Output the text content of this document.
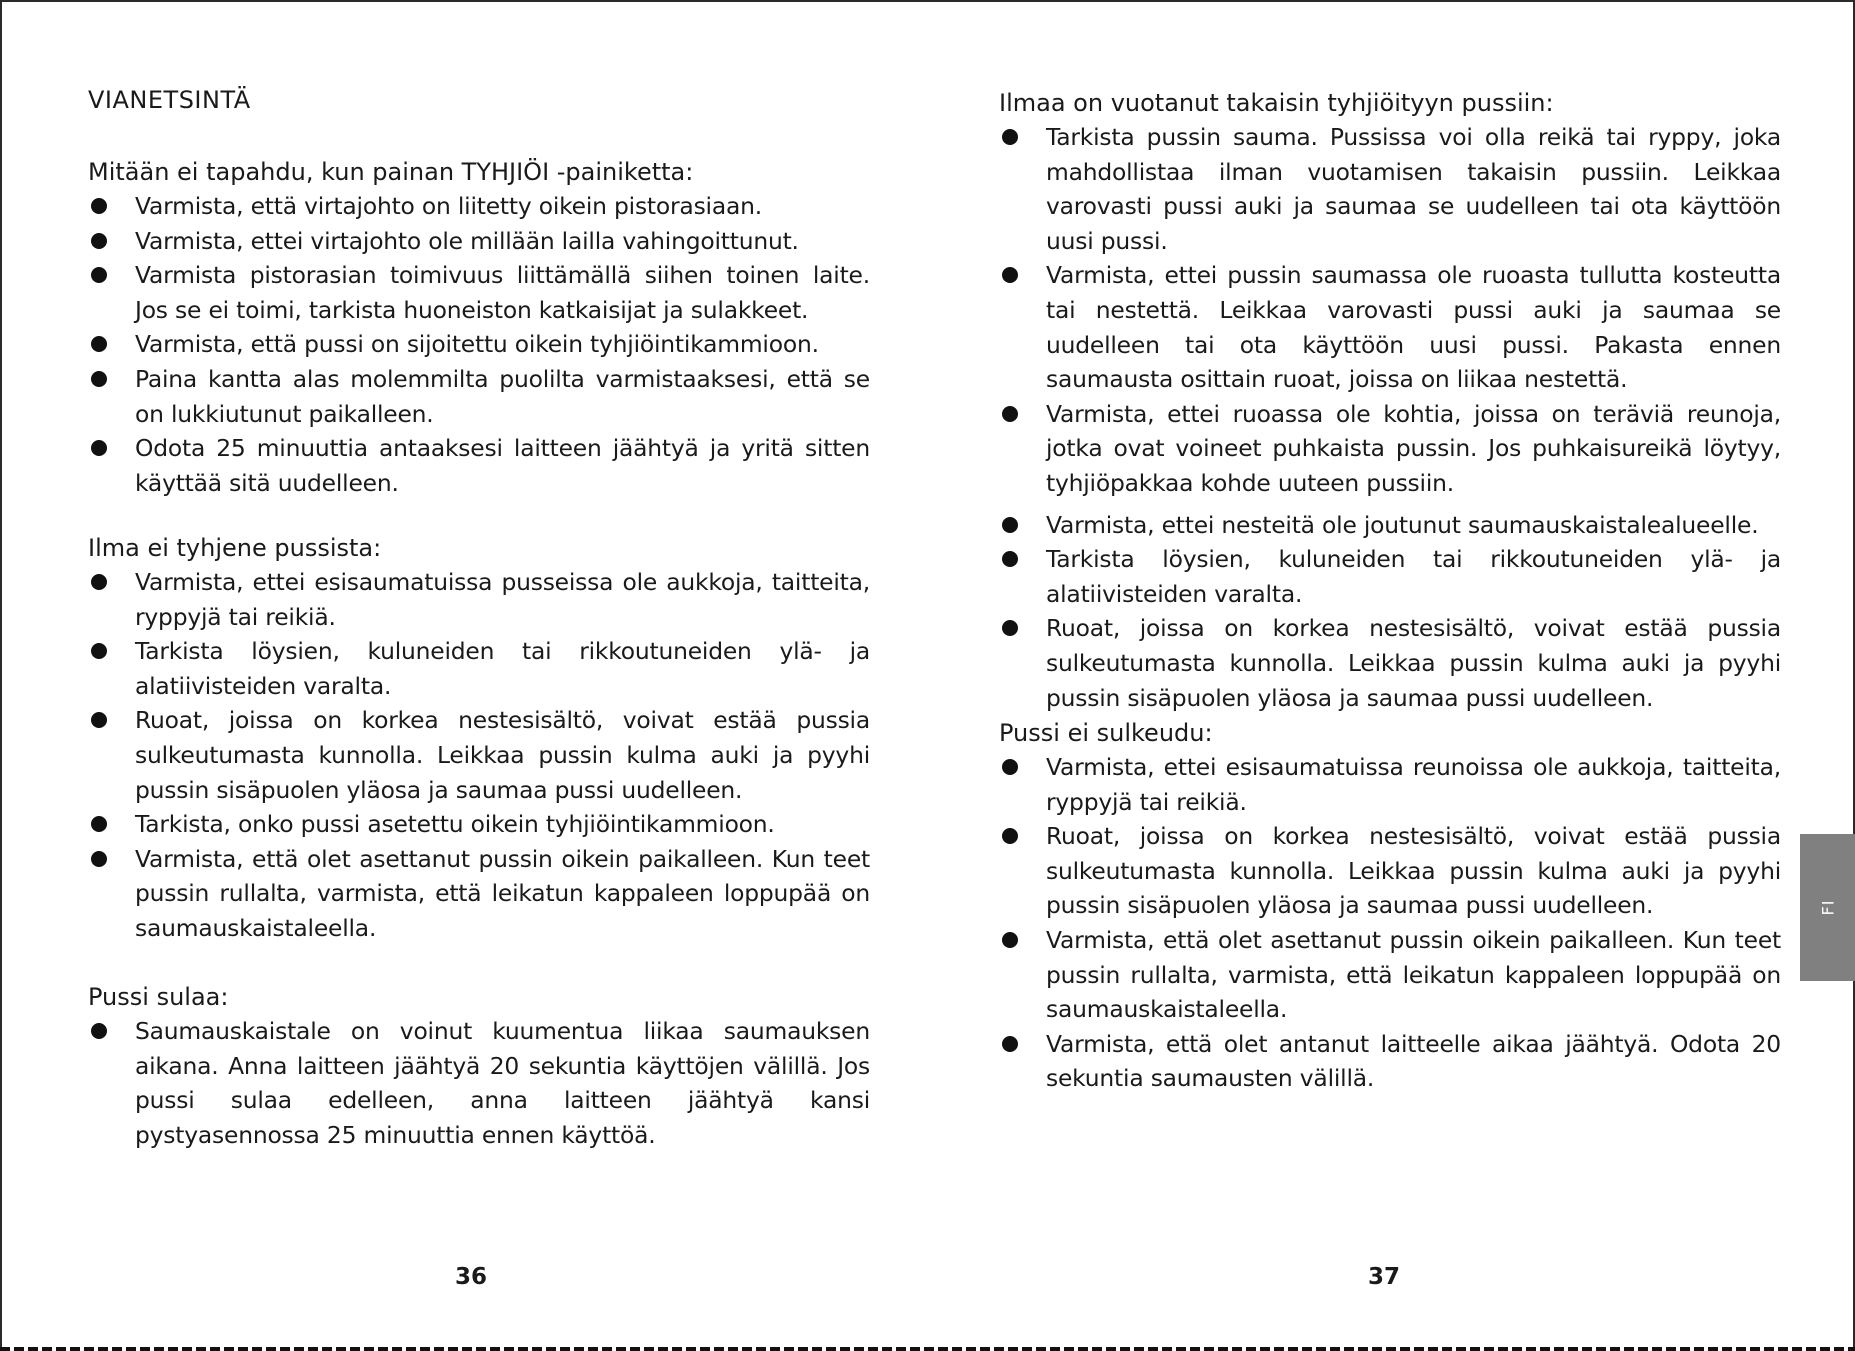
VIANETSINTÄ
Mitään ei tapahdu, kun painan TYHJIÖI -painiketta:
Varmista, että virtajohto on liitetty oikein pistorasiaan.
Varmista, ettei virtajohto ole millään lailla vahingoittunut.
Varmista pistorasian toimivuus liittämällä siihen toinen laite. Jos se ei toimi, tarkista huoneiston katkaisijat ja sulakkeet.
Varmista, että pussi on sijoitettu oikein tyhjiöintikammioon.
Paina kantta alas molemmilta puolilta varmistaaksesi, että se on lukkiutunut paikalleen.
Odota 25 minuuttia antaaksesi laitteen jäähtyä ja yritä sitten käyttää sitä uudelleen.
Ilma ei tyhjene pussista:
Varmista, ettei esisaumatuissa pusseissa ole aukkoja, taitteita, ryppyjä tai reikiä.
Tarkista löysien, kuluneiden tai rikkoutuneiden ylä- ja alatiivisteiden varalta.
Ruoat, joissa on korkea nestesisältö, voivat estää pussia sulkeutumasta kunnolla. Leikkaa pussin kulma auki ja pyyhi pussin sisäpuolen yläosa ja saumaa pussi uudelleen.
Tarkista, onko pussi asetettu oikein tyhjiöintikammioon.
Varmista, että olet asettanut pussin oikein paikalleen. Kun teet pussin rullalta, varmista, että leikatun kappaleen loppupää on saumauskaistaleella.
Pussi sulaa:
Saumauskaistale on voinut kuumentua liikaa saumauksen aikana. Anna laitteen jäähtyä 20 sekuntia käyttöjen välillä. Jos pussi sulaa edelleen, anna laitteen jäähtyä kansi pystyasennossa 25 minuuttia ennen käyttöä.
36
Ilmaa on vuotanut takaisin tyhjiöityyn pussiin:
Tarkista pussin sauma. Pussissa voi olla reikä tai ryppy, joka mahdollistaa ilman vuotamisen takaisin pussiin. Leikkaa varovasti pussi auki ja saumaa se uudelleen tai ota käyttöön uusi pussi.
Varmista, ettei pussin saumassa ole ruoasta tullutta kosteutta tai nestettä. Leikkaa varovasti pussi auki ja saumaa se uudelleen tai ota käyttöön uusi pussi. Pakasta ennen saumausta osittain ruoat, joissa on liikaa nestettä.
Varmista, ettei ruoassa ole kohtia, joissa on teräviä reunoja, jotka ovat voineet puhkaista pussin. Jos puhkaisureikä löytyy, tyhjiöpakkaa kohde uuteen pussiin.
Varmista, ettei nesteitä ole joutunut saumauskaistalealueelle.
Tarkista löysien, kuluneiden tai rikkoutuneiden ylä- ja alatiivisteiden varalta.
Ruoat, joissa on korkea nestesisältö, voivat estää pussia sulkeutumasta kunnolla. Leikkaa pussin kulma auki ja pyyhi pussin sisäpuolen yläosa ja saumaa pussi uudelleen.
Pussi ei sulkeudu:
Varmista, ettei esisaumatuissa reunoissa ole aukkoja, taitteita, ryppyjä tai reikiä.
Ruoat, joissa on korkea nestesisältö, voivat estää pussia sulkeutumasta kunnolla. Leikkaa pussin kulma auki ja pyyhi pussin sisäpuolen yläosa ja saumaa pussi uudelleen.
Varmista, että olet asettanut pussin oikein paikalleen. Kun teet pussin rullalta, varmista, että leikatun kappaleen loppupää on saumauskaistaleella.
Varmista, että olet antanut laitteelle aikaa jäähtyä. Odota 20 sekuntia saumausten välillä.
37
FI
